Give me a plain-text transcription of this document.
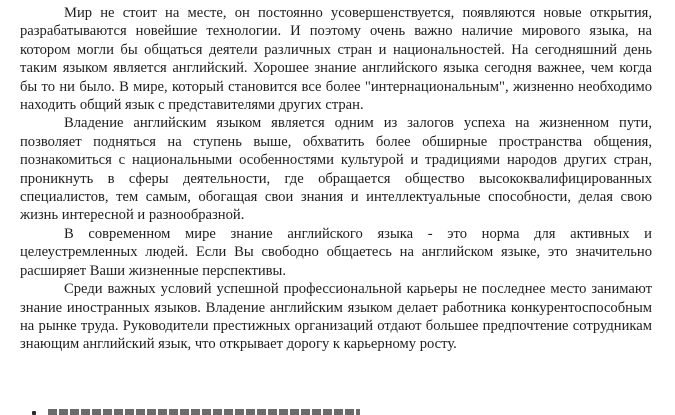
Мир не стоит на месте, он постоянно усовершенствуется, появляются новые открытия, разрабатываются новейшие технологии. И поэтому очень важно наличие мирового языка, на котором могли бы общаться деятели различных стран и национальностей. На сегодняшний день таким языком является английский. Хорошее знание английского языка сегодня важнее, чем когда бы то ни было. В мире, который становится все более "интернациональным", жизненно необходимо находить общий язык с представителями других стран.

Владение английским языком является одним из залогов успеха на жизненном пути, позволяет подняться на ступень выше, обхватить более обширные пространства общения, познакомиться с национальными особенностями культурой и традициями народов других стран, проникнуть в сферы деятельности, где обращается общество высококвалифицированных специалистов, тем самым, обогащая свои знания и интеллектуальные способности, делая свою жизнь интересной и разнообразной.

В современном мире знание английского языка - это норма для активных и целеустремленных людей. Если Вы свободно общаетесь на английском языке, это значительно расширяет Ваши жизненные перспективы.

Среди важных условий успешной профессиональной карьеры не последнее место занимают знание иностранных языков. Владение английским языком делает работника конкурентоспособным на рынке труда. Руководители престижных организаций отдают большее предпочтение сотрудникам знающим английский язык, что открывает дорогу к карьерному росту.
